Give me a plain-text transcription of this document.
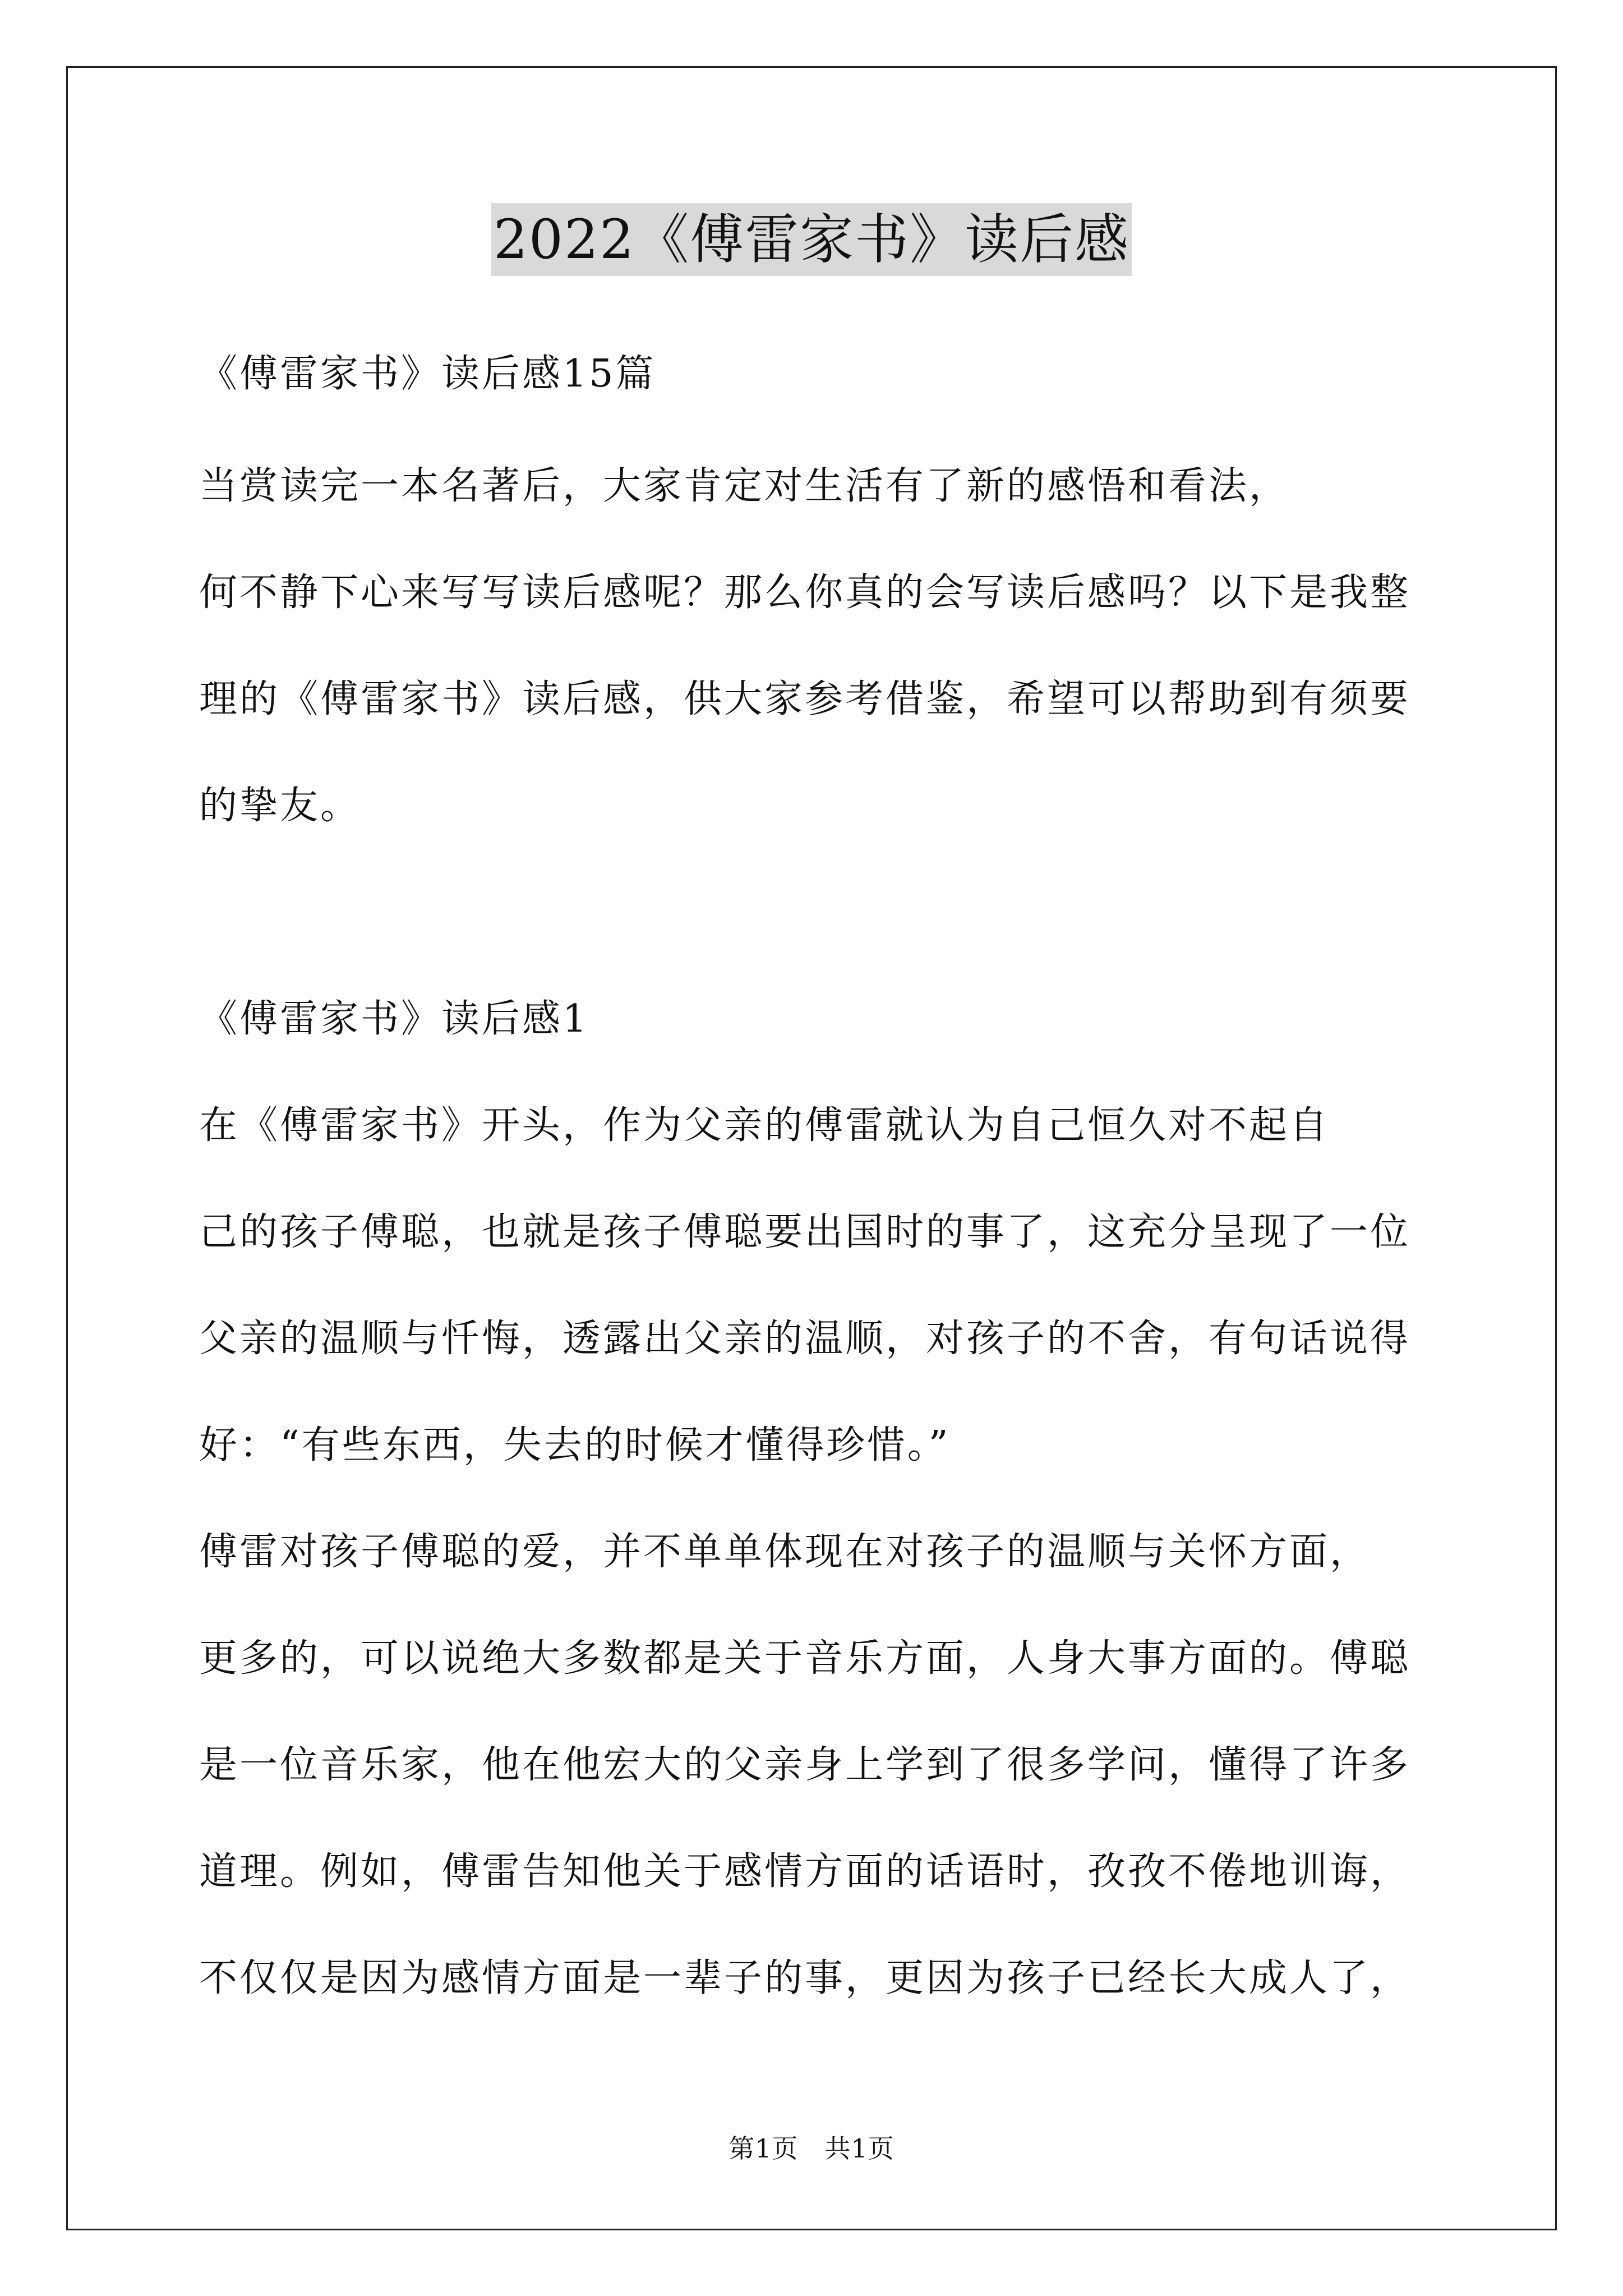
2022《傅雷家书》读后感
《傅雷家书》读后感15篇
当赏读完一本名著后，大家肯定对生活有了新的感悟和看法，
何不静下心来写写读后感呢？那么你真的会写读后感吗？以下是我整
理的《傅雷家书》读后感，供大家参考借鉴，希望可以帮助到有须要
的挚友。
《傅雷家书》读后感1
在《傅雷家书》开头，作为父亲的傅雷就认为自己恒久对不起自
己的孩子傅聪，也就是孩子傅聪要出国时的事了，这充分呈现了一位
父亲的温顺与忏悔，透露出父亲的温顺，对孩子的不舍，有句话说得
好：“有些东西，失去的时候才懂得珍惜。”
傅雷对孩子傅聪的爱，并不单单体现在对孩子的温顺与关怀方面，
更多的，可以说绝大多数都是关于音乐方面，人身大事方面的。傅聪
是一位音乐家，他在他宏大的父亲身上学到了很多学问，懂得了许多
道理。例如，傅雷告知他关于感情方面的话语时，孜孜不倦地训诲，
不仅仅是因为感情方面是一辈子的事，更因为孩子已经长大成人了，
第1页　共1页
